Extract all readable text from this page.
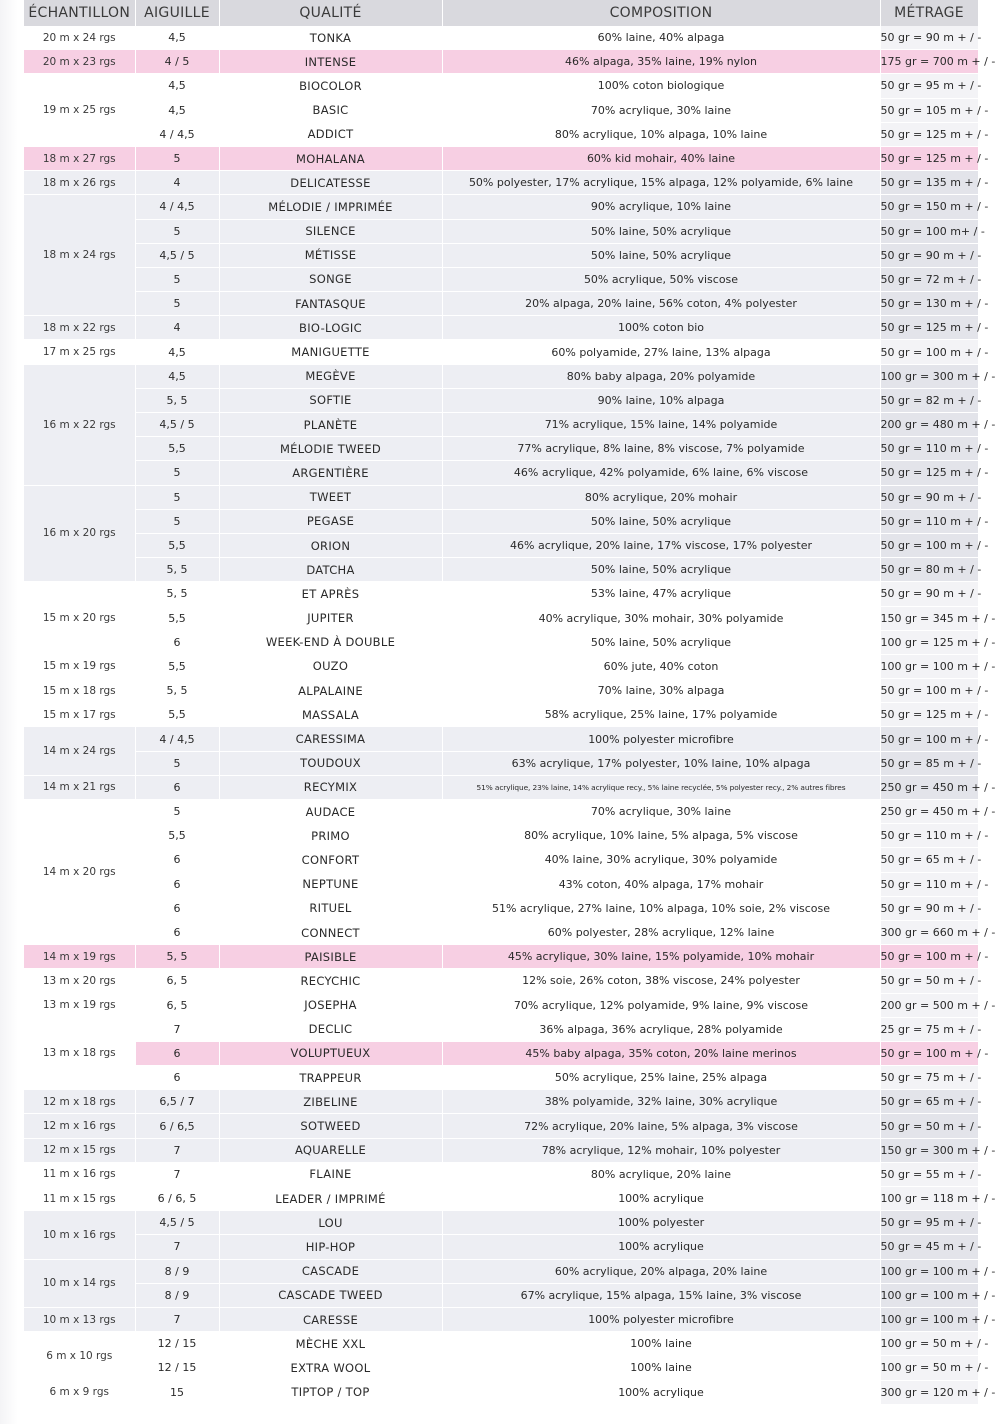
ÉCHANTILLON	AIGUILLE	QUALITÉ	COMPOSITION	MÉTRAGE
20 m x 24 rgs	4,5	TONKA	60% laine, 40% alpaga	50 gr = 90 m + / -
20 m x 23 rgs	4 / 5	INTENSE	46% alpaga, 35% laine, 19% nylon	175 gr = 700 m + / -
19 m x 25 rgs	4,5	BIOCOLOR	100% coton biologique	50 gr = 95 m + / -
	4,5	BASIC	70% acrylique, 30% laine	50 gr = 105 m + / -
	4 / 4,5	ADDICT	80% acrylique, 10% alpaga, 10% laine	50 gr = 125 m + / -
18 m x 27 rgs	5	MOHALANA	60% kid mohair, 40% laine	50 gr = 125 m + / -
18 m x 26 rgs	4	DELICATESSE	50% polyester, 17% acrylique, 15% alpaga, 12% polyamide, 6% laine	50 gr = 135 m + / -
18 m x 24 rgs	4 / 4,5	MÉLODIE / IMPRIMÉE	90% acrylique, 10% laine	50 gr = 150 m + / -
	5	SILENCE	50% laine, 50% acrylique	50 gr = 100 m+ / -
	4,5 / 5	MÉTISSE	50% laine, 50% acrylique	50 gr = 90 m + / -
	5	SONGE	50% acrylique, 50% viscose	50 gr = 72 m + / -
	5	FANTASQUE	20% alpaga, 20% laine, 56% coton, 4% polyester	50 gr = 130 m + / -
18 m x 22 rgs	4	BIO-LOGIC	100% coton bio	50 gr = 125 m + / -
17 m x 25 rgs	4,5	MANIGUETTE	60% polyamide, 27% laine, 13% alpaga	50 gr = 100 m + / -
16 m x 22 rgs	4,5	MEGÈVE	80% baby alpaga, 20% polyamide	100 gr = 300 m + / -
	5, 5	SOFTIE	90% laine, 10% alpaga	50 gr = 82 m + / -
	4,5 / 5	PLANÈTE	71% acrylique, 15% laine, 14% polyamide	200 gr = 480 m + / -
	5,5	MÉLODIE TWEED	77% acrylique, 8% laine, 8% viscose, 7% polyamide	50 gr = 110 m + / -
	5	ARGENTIÈRE	46% acrylique, 42% polyamide, 6% laine, 6% viscose	50 gr = 125 m + / -
16 m x 20 rgs	5	TWEET	80% acrylique, 20% mohair	50 gr = 90 m + / -
	5	PEGASE	50% laine, 50% acrylique	50 gr = 110 m + / -
	5,5	ORION	46% acrylique, 20% laine, 17% viscose, 17% polyester	50 gr = 100 m + / -
	5, 5	DATCHA	50% laine, 50% acrylique	50 gr = 80 m + / -
15 m x 20 rgs	5, 5	ET APRÈS	53% laine, 47% acrylique	50 gr = 90 m + / -
	5,5	JUPITER	40% acrylique, 30% mohair, 30% polyamide	150 gr = 345 m + / -
	6	WEEK-END À DOUBLE	50% laine, 50% acrylique	100 gr = 125 m + / -
15 m x 19 rgs	5,5	OUZO	60% jute, 40% coton	100 gr = 100 m + / -
15 m x 18 rgs	5, 5	ALPALAINE	70% laine, 30% alpaga	50 gr = 100 m + / -
15 m x 17 rgs	5,5	MASSALA	58% acrylique, 25% laine, 17% polyamide	50 gr = 125 m + / -
14 m x 24 rgs	4 / 4,5	CARESSIMA	100% polyester microfibre	50 gr = 100 m + / -
	5	TOUDOUX	63% acrylique, 17% polyester, 10% laine, 10% alpaga	50 gr = 85 m + / -
14 m x 21 rgs	6	RECYMIX	51% acrylique, 23% laine, 14% acrylique recy., 5% laine recyclée, 5% polyester recy., 2% autres fibres	250 gr = 450 m + / -
14 m x 20 rgs	5	AUDACE	70% acrylique, 30% laine	250 gr = 450 m + / -
	5,5	PRIMO	80% acrylique, 10% laine, 5% alpaga, 5% viscose	50 gr = 110 m + / -
	6	CONFORT	40% laine, 30% acrylique, 30% polyamide	50 gr = 65 m + / -
	6	NEPTUNE	43% coton, 40% alpaga, 17% mohair	50 gr = 110 m + / -
	6	RITUEL	51% acrylique, 27% laine, 10% alpaga, 10% soie, 2% viscose	50 gr = 90 m + / -
	6	CONNECT	60% polyester, 28% acrylique, 12% laine	300 gr = 660 m + / -
14 m x 19 rgs	5, 5	PAISIBLE	45% acrylique, 30% laine, 15% polyamide, 10% mohair	50 gr = 100 m + / -
13 m x 20 rgs	6, 5	RECYCHIC	12% soie, 26% coton, 38% viscose, 24% polyester	50 gr = 50 m + / -
13 m x 19 rgs	6, 5	JOSEPHA	70% acrylique, 12% polyamide, 9% laine, 9% viscose	200 gr = 500 m + / -
13 m x 18 rgs	7	DECLIC	36% alpaga, 36% acrylique, 28% polyamide	25 gr = 75 m + / -
	6	VOLUPTUEUX	45% baby alpaga, 35% coton, 20% laine merinos	50 gr = 100 m + / -
	6	TRAPPEUR	50% acrylique, 25% laine, 25% alpaga	50 gr = 75 m + / -
12 m x 18 rgs	6,5 / 7	ZIBELINE	38% polyamide, 32% laine, 30% acrylique	50 gr = 65 m + / -
12 m x 16 rgs	6 / 6,5	SOTWEED	72% acrylique, 20% laine, 5% alpaga, 3% viscose	50 gr = 50 m + / -
12 m x 15 rgs	7	AQUARELLE	78% acrylique, 12% mohair, 10% polyester	150 gr = 300 m + / -
11 m x 16 rgs	7	FLAINE	80% acrylique, 20% laine	50 gr = 55 m + / -
11 m x 15 rgs	6 / 6, 5	LEADER / IMPRIMÉ	100% acrylique	100 gr = 118 m + / -
10 m x 16 rgs	4,5 / 5	LOU	100% polyester	50 gr = 95 m + / -
	7	HIP-HOP	100% acrylique	50 gr = 45 m + / -
10 m x 14 rgs	8 / 9	CASCADE	60% acrylique, 20% alpaga, 20% laine	100 gr = 100 m + / -
	8 / 9	CASCADE TWEED	67% acrylique, 15% alpaga, 15% laine, 3% viscose	100 gr = 100 m + / -
10 m x 13 rgs	7	CARESSE	100% polyester microfibre	100 gr = 100 m + / -
6 m x 10 rgs	12 / 15	MÈCHE XXL	100% laine	100 gr = 50 m + / -
	12 / 15	EXTRA WOOL	100% laine	100 gr = 50 m + / -
6 m x 9 rgs	15	TIPTOP / TOP	100% acrylique	300 gr = 120 m + / -
